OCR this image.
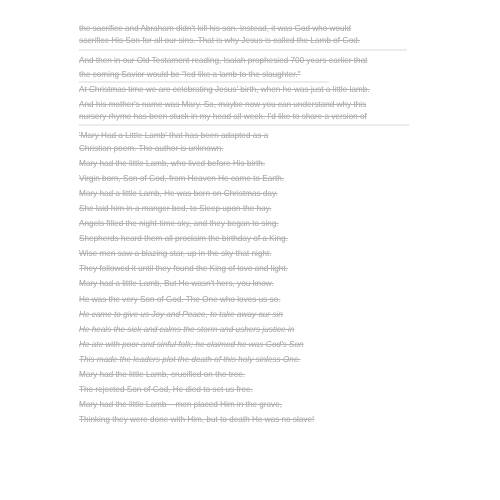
the sacrifice and Abraham didn't kill his son. Instead, it was God who would
sacrifice His Son for all our sins. That is why Jesus is called the Lamb of God.
And then in our Old Testament reading, Isaiah prophesied 700 years earlier that
the coming Savior would be "led like a lamb to the slaughter."
At Christmas time we are celebrating Jesus' birth, when he was just a little lamb.
And his mother's name was Mary. So, maybe now you can understand why this
nursery rhyme has been stuck in my head all week. I'd like to share a version of
'Mary Had a Little Lamb' that has been adapted as a
Christian poem. The author is unknown.
Mary had the little Lamb, who lived before His birth.
Virgin born, Son of God, from Heaven He came to Earth.
Mary had a little Lamb, He was born on Christmas day.
She laid him in a manger bed, to Sleep upon the hay.
Angels filled the night-time sky, and they began to sing.
Shepherds heard them all proclaim the birthday of a King.
Wise men saw a blazing star, up in the sky that night.
They followed it until they found the King of love and light.
Mary had a little Lamb, But He wasn't hers, you know.
He was the very Son of God. The One who loves us so.
He came to give us Joy and Peace, to take away our sin
He heals the sick and calms the storm and ushers justice in
He ate with poor and sinful folk; he claimed he was God's Son
This made the leaders plot the death of this holy sinless One.
Mary had the little Lamb, crucified on the tree.
The rejected Son of God, He died to set us free.
Mary had the little Lamb – men placed Him in the grave,
Thinking they were done with Him, but to death He was no slave!
